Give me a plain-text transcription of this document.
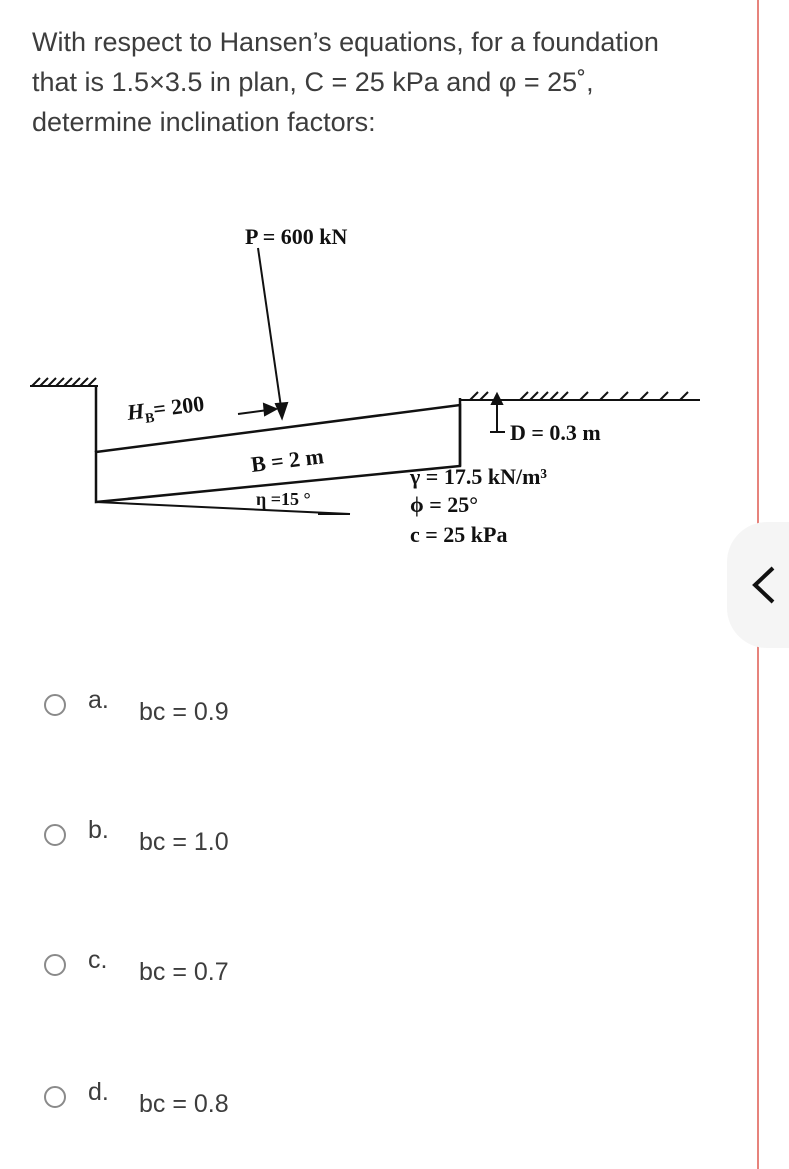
With respect to Hansen’s equations, for a foundation

that is 1.5×3.5 in plan, C = 25 kPa and φ = 25˚,

determine inclination factors:

P = 600 kN
$H_B= 200$
B = 2 m
η =15 °
D = 0.3 m
γ = 17.5 kN/m³
ϕ = 25°
c = 25 kPa
a. bc = 0.9
b. bc = 1.0
c. bc = 0.7
d. bc = 0.8
